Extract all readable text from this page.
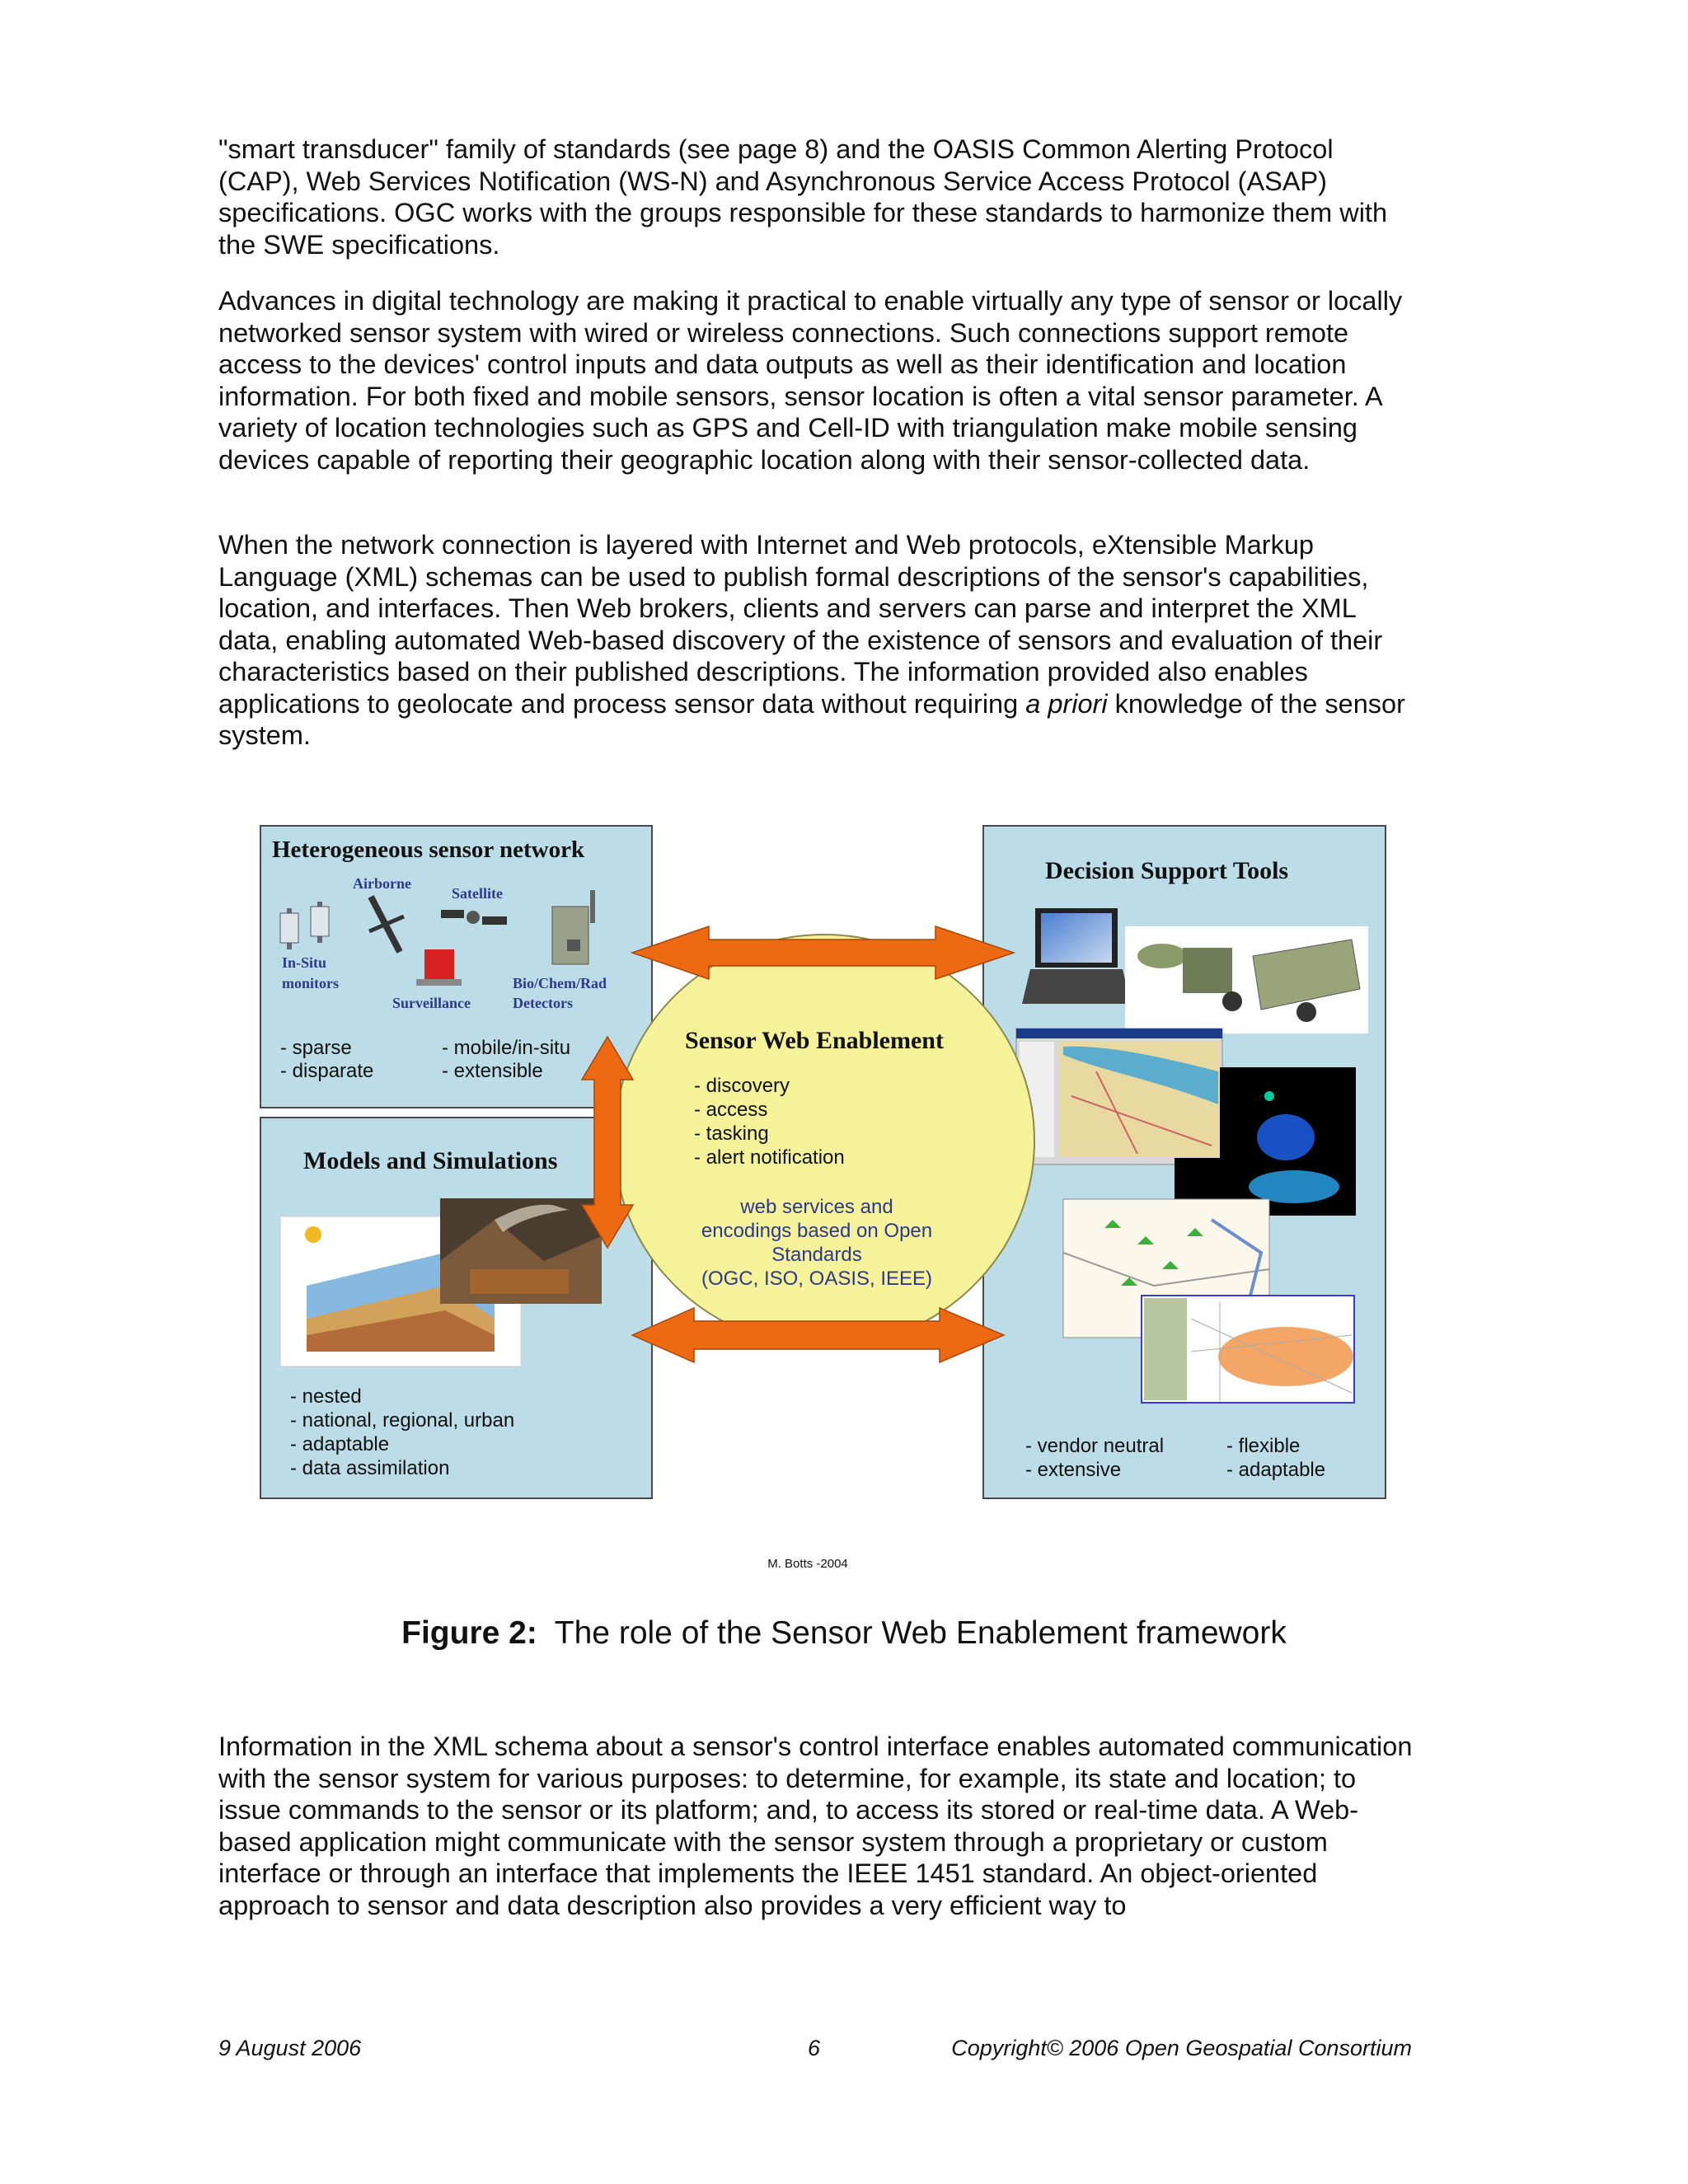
"smart transducer" family of standards (see page 8) and the OASIS Common Alerting Protocol (CAP), Web Services Notification (WS-N) and Asynchronous Service Access Protocol (ASAP) specifications. OGC works with the groups responsible for these standards to harmonize them with the SWE specifications.

Advances in digital technology are making it practical to enable virtually any type of sensor or locally networked sensor system with wired or wireless connections. Such connections support remote access to the devices' control inputs and data outputs as well as their identification and location information. For both fixed and mobile sensors, sensor location is often a vital sensor parameter. A variety of location technologies such as GPS and Cell-ID with triangulation make mobile sensing devices capable of reporting their geographic location along with their sensor-collected data.

When the network connection is layered with Internet and Web protocols, eXtensible Markup Language (XML) schemas can be used to publish formal descriptions of the sensor's capabilities, location, and interfaces. Then Web brokers, clients and servers can parse and interpret the XML data, enabling automated Web-based discovery of the existence of sensors and evaluation of their characteristics based on their published descriptions. The information provided also enables applications to geolocate and process sensor data without requiring a priori knowledge of the sensor system.

Heterogeneous sensor network
Airborne
Satellite
In-Situ
monitors
Surveillance
Bio/Chem/Rad
Detectors
- sparse
- disparate
- mobile/in-situ
- extensible
Models and Simulations
- nested
- national, regional, urban
- adaptable
- data assimilation
Decision Support Tools
- vendor neutral
- extensive
- flexible
- adaptable
Sensor Web Enablement
- discovery
- access
- tasking
- alert notification
web services and
encodings based on Open
Standards
(OGC, ISO, OASIS, IEEE)
M. Botts -2004
Figure 2:  The role of the Sensor Web Enablement framework

Information in the XML schema about a sensor's control interface enables automated communication with the sensor system for various purposes: to determine, for example, its state and location; to issue commands to the sensor or its platform; and, to access its stored or real-time data. A Web-based application might communicate with the sensor system through a proprietary or custom interface or through an interface that implements the IEEE 1451 standard. An object-oriented approach to sensor and data description also provides a very efficient way to

9 August 2006	6	Copyright© 2006 Open Geospatial Consortium
